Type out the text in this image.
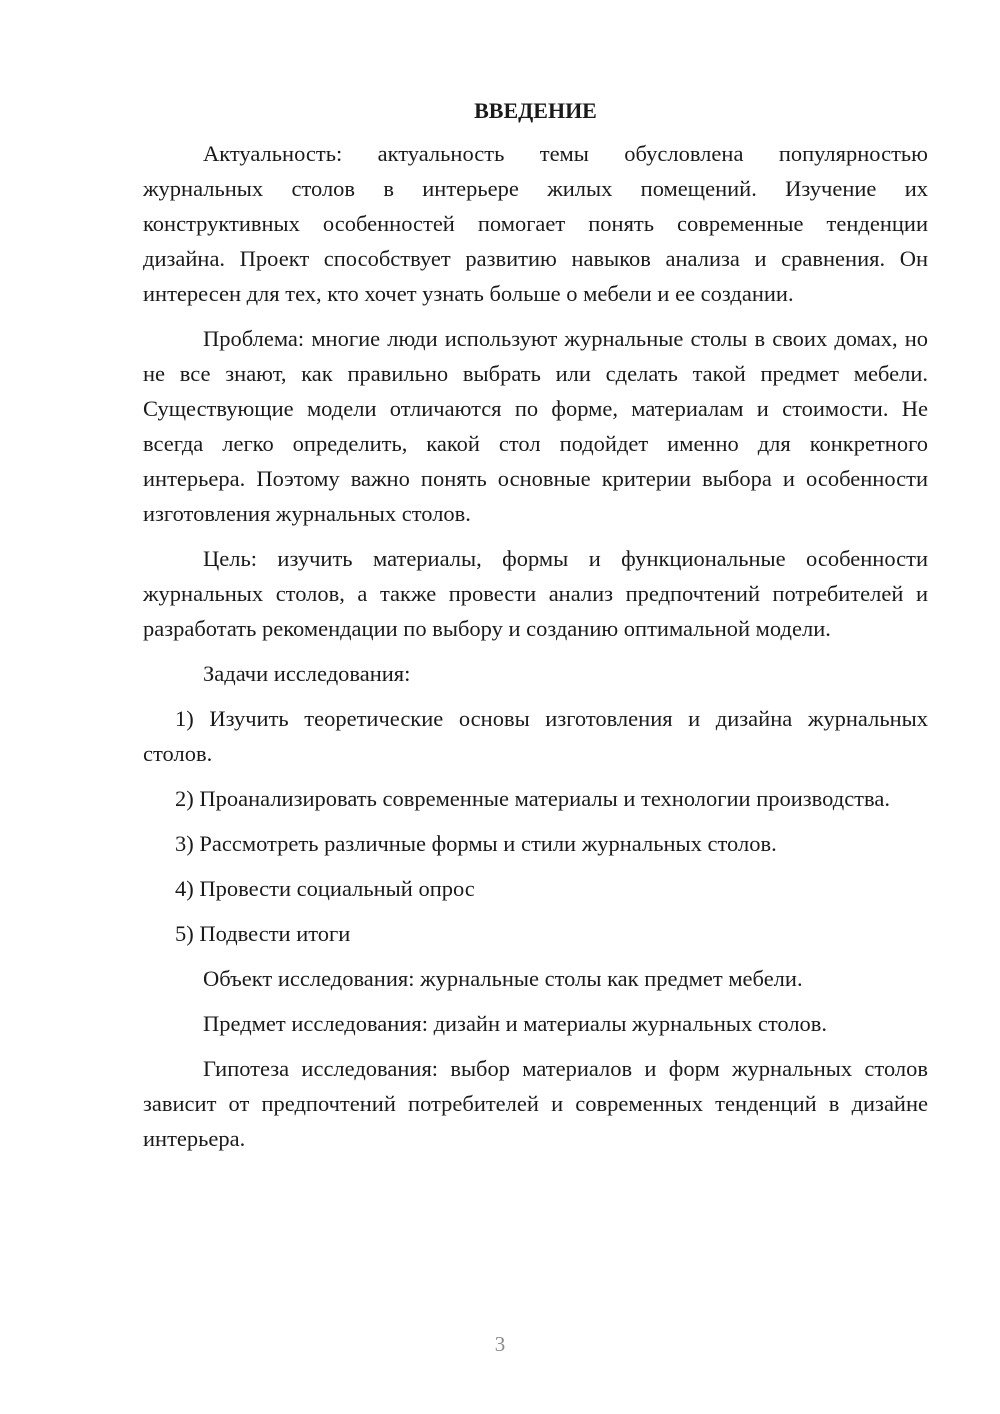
ВВЕДЕНИЕ

Актуальность: актуальность темы обусловлена популярностью журнальных столов в интерьере жилых помещений. Изучение их конструктивных особенностей помогает понять современные тенденции дизайна. Проект способствует развитию навыков анализа и сравнения. Он интересен для тех, кто хочет узнать больше о мебели и ее создании.

Проблема: многие люди используют журнальные столы в своих домах, но не все знают, как правильно выбрать или сделать такой предмет мебели. Существующие модели отличаются по форме, материалам и стоимости. Не всегда легко определить, какой стол подойдет именно для конкретного интерьера. Поэтому важно понять основные критерии выбора и особенности изготовления журнальных столов.

Цель: изучить материалы, формы и функциональные особенности журнальных столов, а также провести анализ предпочтений потребителей и разработать рекомендации по выбору и созданию оптимальной модели.

Задачи исследования:

1) Изучить теоретические основы изготовления и дизайна журнальных столов.

2) Проанализировать современные материалы и технологии производства.

3) Рассмотреть различные формы и стили журнальных столов.

4) Провести социальный опрос

5) Подвести итоги

Объект исследования: журнальные столы как предмет мебели.

Предмет исследования: дизайн и материалы журнальных столов.

Гипотеза исследования: выбор материалов и форм журнальных столов зависит от предпочтений потребителей и современных тенденций в дизайне интерьера.

3
